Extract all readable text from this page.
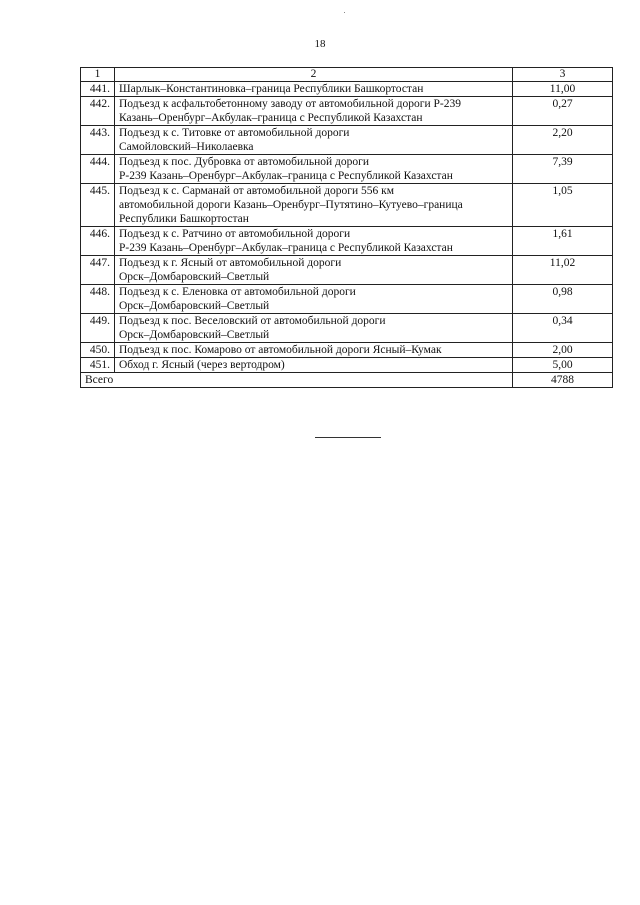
18
1	2	3
441.	Шарлык–Константиновка–граница Республики Башкортостан	11,00
442.	Подъезд к асфальтобетонному заводу от автомобильной дороги Р-239
Казань–Оренбург–Акбулак–граница с Республикой Казахстан	0,27
443.	Подъезд к с. Титовке от автомобильной дороги
Самойловский–Николаевка	2,20
444.	Подъезд к пос. Дубровка от автомобильной дороги
Р-239 Казань–Оренбург–Акбулак–граница с Республикой Казахстан	7,39
445.	Подъезд к с. Сарманай от автомобильной дороги 556 км
автомобильной дороги Казань–Оренбург–Путятино–Кутуево–граница
Республики Башкортостан	1,05
446.	Подъезд к с. Ратчино от автомобильной дороги
Р-239 Казань–Оренбург–Акбулак–граница с Республикой Казахстан	1,61
447.	Подъезд к г. Ясный от автомобильной дороги
Орск–Домбаровский–Светлый	11,02
448.	Подъезд к с. Еленовка от автомобильной дороги
Орск–Домбаровский–Светлый	0,98
449.	Подъезд к пос. Веселовский от автомобильной дороги
Орск–Домбаровский–Светлый	0,34
450.	Подъезд к пос. Комарово от автомобильной дороги Ясный–Кумак	2,00
451.	Обход г. Ясный (через вертодром)	5,00
Всего		4788
